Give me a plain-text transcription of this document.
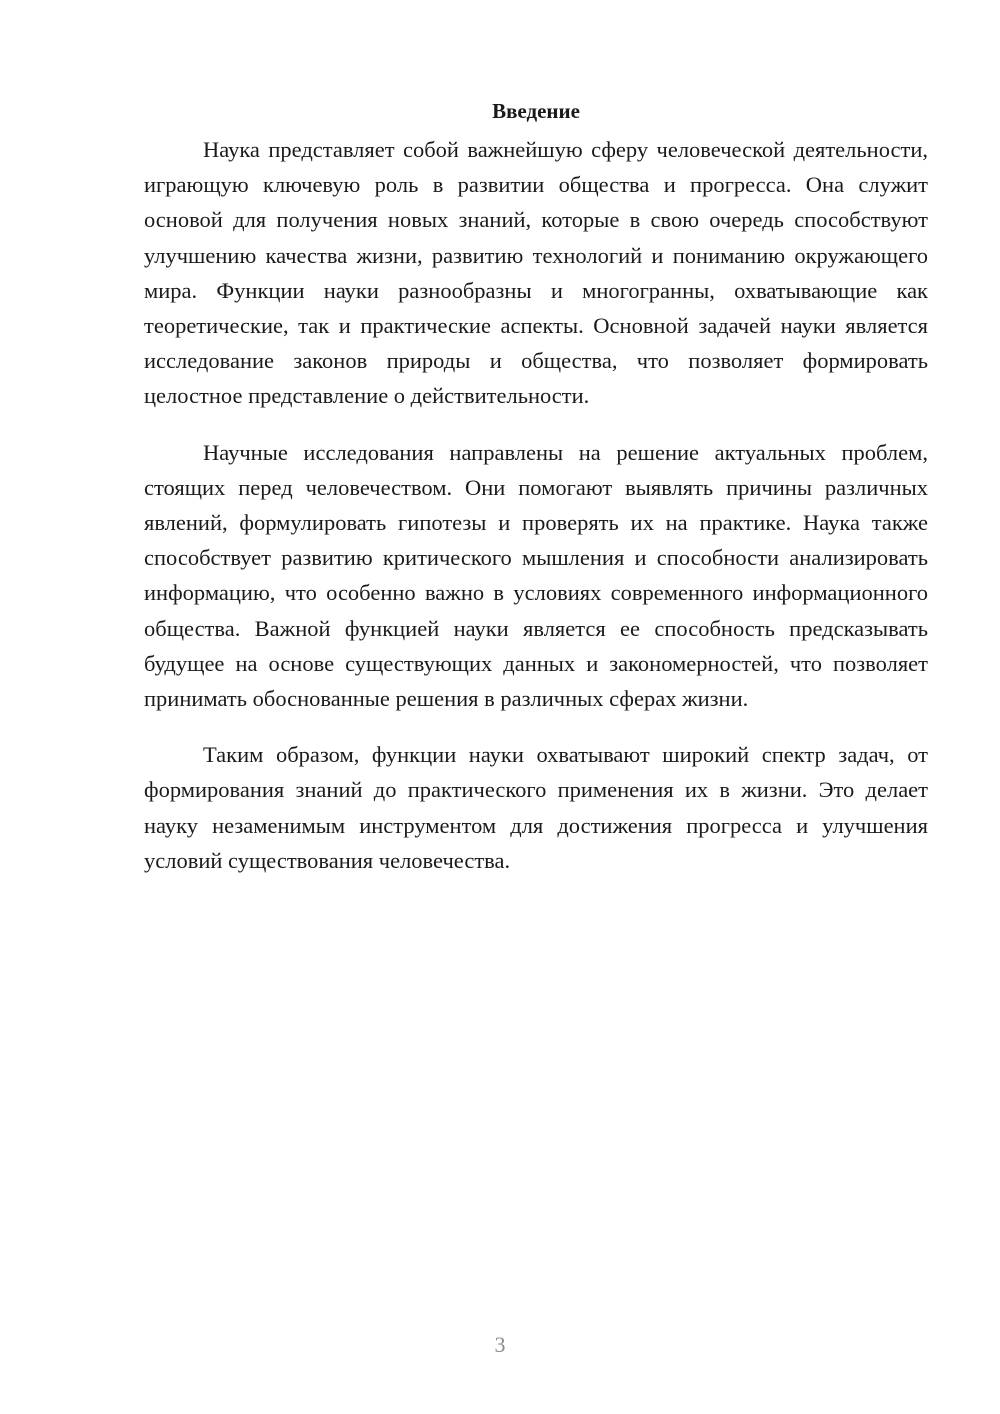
Введение

Наука представляет собой важнейшую сферу человеческой деятельности, играющую ключевую роль в развитии общества и прогресса. Она служит основой для получения новых знаний, которые в свою очередь способствуют улучшению качества жизни, развитию технологий и пониманию окружающего мира. Функции науки разнообразны и многогранны, охватывающие как теоретические, так и практические аспекты. Основной задачей науки является исследование законов природы и общества, что позволяет формировать целостное представление о действительности.

Научные исследования направлены на решение актуальных проблем, стоящих перед человечеством. Они помогают выявлять причины различных явлений, формулировать гипотезы и проверять их на практике. Наука также способствует развитию критического мышления и способности анализировать информацию, что особенно важно в условиях современного информационного общества. Важной функцией науки является ее способность предсказывать будущее на основе существующих данных и закономерностей, что позволяет принимать обоснованные решения в различных сферах жизни.

Таким образом, функции науки охватывают широкий спектр задач, от формирования знаний до практического применения их в жизни. Это делает науку незаменимым инструментом для достижения прогресса и улучшения условий существования человечества.

3
